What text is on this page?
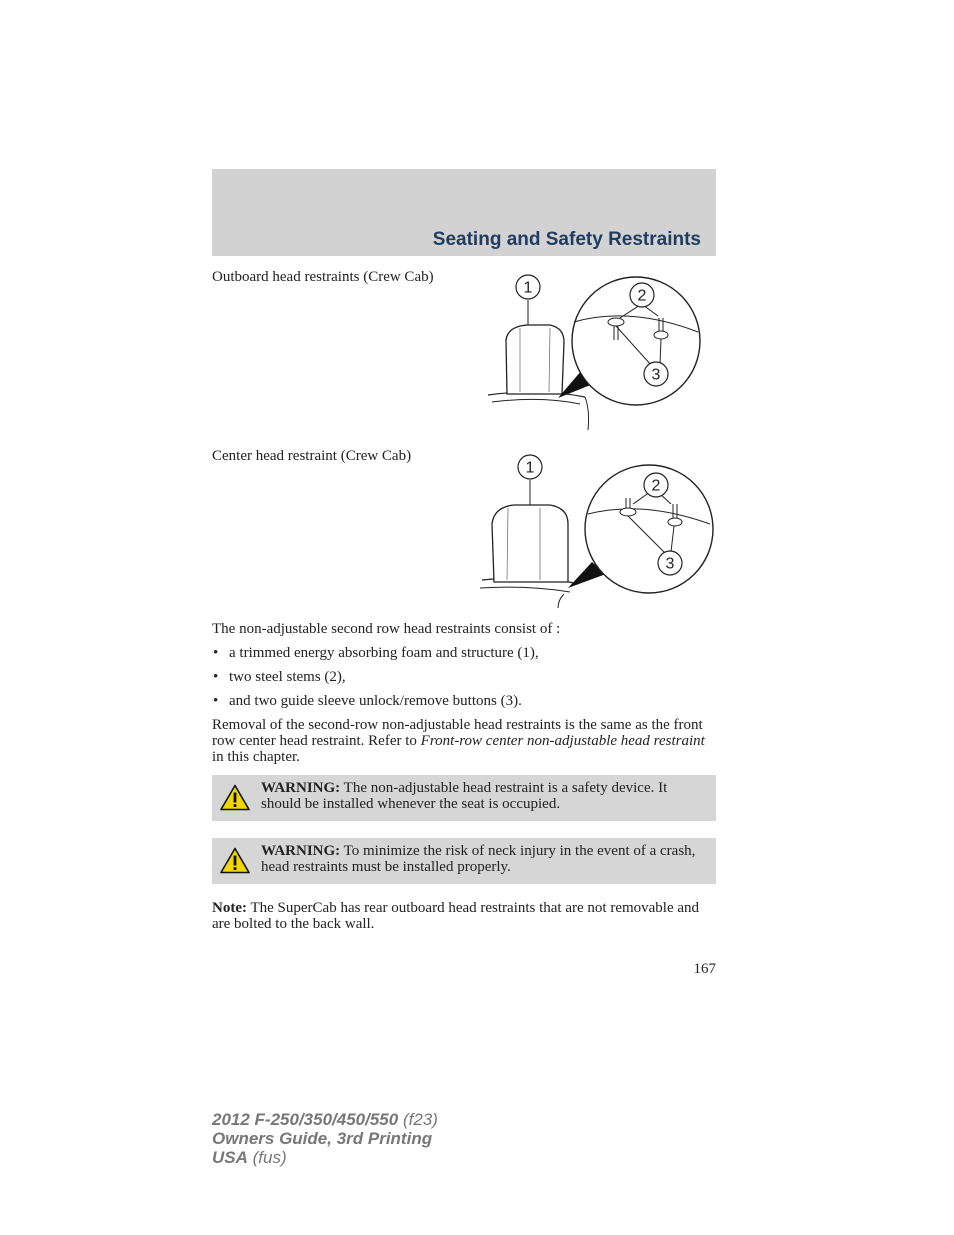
Seating and Safety Restraints
Outboard head restraints (Crew Cab)
1	2
3
Center head restraint (Crew Cab)
1
2
3
The non-adjustable second row head restraints consist of :
• a trimmed energy absorbing foam and structure (1),
• two steel stems (2),
• and two guide sleeve unlock/remove buttons (3).
Removal of the second-row non-adjustable head restraints is the same as the front row center head restraint. Refer to Front-row center non-adjustable head restraint in this chapter.
WARNING: The non-adjustable head restraint is a safety device. It should be installed whenever the seat is occupied.
WARNING: To minimize the risk of neck injury in the event of a crash, head restraints must be installed properly.
Note: The SuperCab has rear outboard head restraints that are not removable and are bolted to the back wall.
167
2012 F-250/350/450/550 (f23)
Owners Guide, 3rd Printing
USA (fus)
